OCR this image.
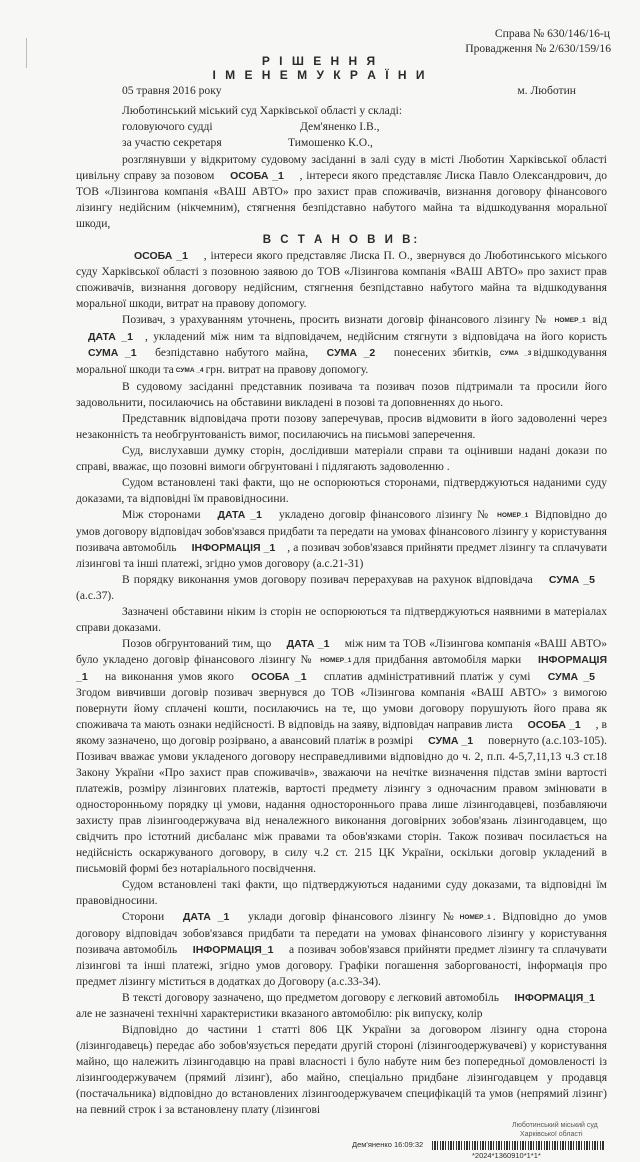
Справа № 630/146/16-ц
Провадження № 2/630/159/16
Р І Ш Е Н Н Я
І М Е Н Е М У К Р А Ї Н И
05 травня 2016 року	м. Люботин
Люботинський міський суд Харківської області у складі:
головуючого судді	Дем'яненко І.В.,
за участю секретаря	Тимошенко К.О.,

розглянувши у відкритому судовому засіданні в залі суду в місті Люботин Харківської області цивільну справу за позовом ОСОБА _1 , інтереси якого представляє Лиска Павло Олександрович, до ТОВ «Лізингова компанія «ВАШ АВТО» про захист прав споживачів, визнання договору фінансового лізингу недійсним (нікчемним), стягнення безпідставно набутого майна та відшкодування моральної шкоди,

В С Т А Н О В И В:

ОСОБА _1 , інтереси якого представляє Лиска П. О., звернувся до Люботинського міського суду Харківської області з позовною заявою до ТОВ «Лізингова компанія «ВАШ АВТО» про захист прав споживачів, визнання договору недійсним, стягнення безпідставно набутого майна та відшкодування моральної шкоди, витрат на правову допомогу.

Позивач, з урахуванням уточнень, просить визнати договір фінансового лізингу № НОМЕР_1 від ДАТА _1 , укладений між ним та відповідачем, недійсним стягнути з відповідача на його користь СУМА _1 безпідставно набутого майна, СУМА _2 понесених збитків, СУМА _3 відшкодування моральної шкоди та СУМА _4 грн. витрат на правову допомогу.

В судовому засіданні представник позивача та позивач позов підтримали та просили його задовольнити, посилаючись на обставини викладені в позові та доповненнях до нього.

Представник відповідача проти позову заперечував, просив відмовити в його задоволенні через незаконність та необгрунтованість вимог, посилаючись на письмові заперечення.

Суд, вислухавши думку сторін, дослідивши матеріали справи та оцінивши надані докази по справі, вважає, що позовні вимоги обгрунтовані і підлягають задоволенню .

Судом встановлені такі факти, що не оспорюються сторонами, підтверджуються наданими суду доказами, та відповідні їм правовідносини.

Між сторонами ДАТА _1 укладено договір фінансового лізингу № НОМЕР_1 Відповідно до умов договору відповідач зобов'язався придбати та передати на умовах фінансового лізингу у користування позивача автомобіль ІНФОРМАЦІЯ _1 , а позивач зобов'язався прийняти предмет лізингу та сплачувати лізингові та інші платежі, згідно умов договору (а.с.21-31)

В порядку виконання умов договору позивач перерахував на рахунок відповідача СУМА _5 (а.с.37).

Зазначені обставини ніким із сторін не оспорюються та підтверджуються наявними в матеріалах справи доказами.

Позов обгрунтований тим, що ДАТА _1 між ним та ТОВ «Лізингова компанія «ВАШ АВТО» було укладено договір фінансового лізингу № НОМЕР_1 для придбання автомобіля марки ІНФОРМАЦІЯ _1 на виконання умов якого ОСОБА _1 сплатив адміністративний платіж у сумі СУМА _5 Згодом вивчивши договір позивач звернувся до ТОВ «Лізингова компанія «ВАШ АВТО» з вимогою повернути йому сплачені кошти, посилаючись на те, що умови договору порушують його права як споживача та мають ознаки недійсності. В відповідь на заяву, відповідач направив листа ОСОБА _1 , в якому зазначено, що договір розірвано, а авансовий платіж в розмірі СУМА _1 повернуто (а.с.103-105). Позивач вважає умови укладеного договору несправедливими відповідно до ч. 2, п.п. 4-5,7,11,13 ч.3 ст.18 Закону України «Про захист прав споживачів», зважаючи на нечітке визначення підстав зміни вартості платежів, розміру лізингових платежів, вартості предмету лізингу з одночасним правом змінювати в односторонньому порядку ці умови, надання одностороннього права лише лізингодавцеві, позбавляючи захисту прав лізингоодержувача від неналежного виконання договірних зобов'язань лізингодавцем, що свідчить про істотний дисбаланс між правами та обов'язками сторін. Також позивач посилається на недійсність оскаржуваного договору, в силу ч.2 ст. 215 ЦК України, оскільки договір укладений в письмовій формі без нотаріального посвідчення.

Судом встановлені такі факти, що підтверджуються наданими суду доказами, та відповідні їм правовідносини.

Сторони ДАТА _1 уклади договір фінансового лізингу № НОМЕР_1 . Відповідно до умов договору відповідач зобов'язався придбати та передати на умовах фінансового лізингу у користування позивача автомобіль ІНФОРМАЦІЯ_1 а позивач зобов'язався прийняти предмет лізингу та сплачувати лізингові та інші платежі, згідно умов договору. Графіки погашення заборгованості, інформація про предмет лізингу міститься в додатках до Договору (а.с.33-34).

В тексті договору зазначено, що предметом договору є легковий автомобіль ІНФОРМАЦІЯ_1 але не зазначені технічні характеристики вказаного автомобілю: рік випуску, колір

Відповідно до частини 1 статті 806 ЦК України за договором лізингу одна сторона (лізингодавець) передає або зобов'язується передати другій стороні (лізингоодержувачеві) у користування майно, що належить лізингодавцю на праві власності і було набуте ним без попередньої домовленості із лізингоодержувачем (прямий лізинг), або майно, спеціально придбане лізингодавцем у продавця (постачальника) відповідно до встановлених лізингоодержувачем специфікацій та умов (непрямий лізинг) на певний строк і за встановлену плату (лізингові

Люботинський міський суд
Харківської області
Дем'яненко 16:09:32
*2024*1360910*1*1*
